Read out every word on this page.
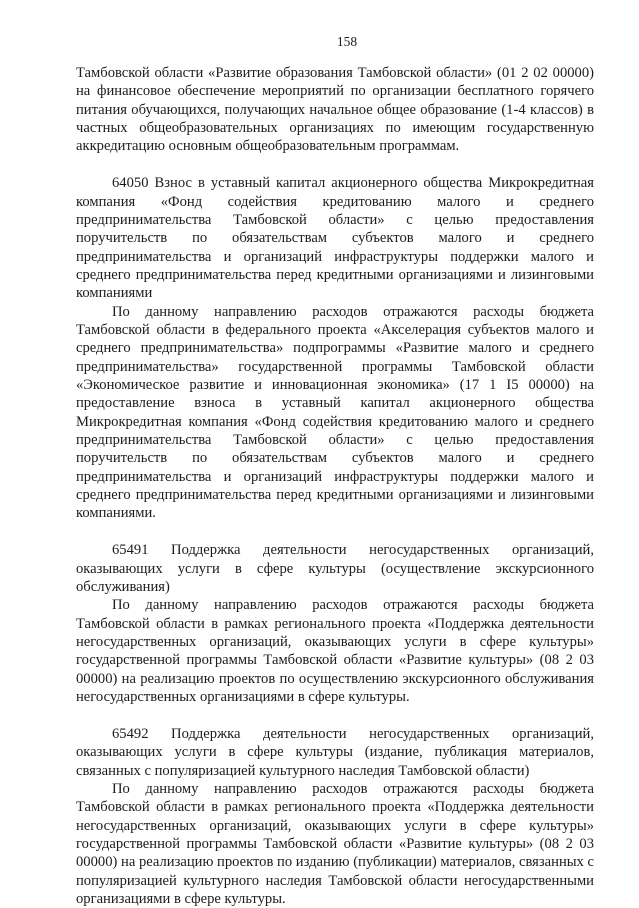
158

Тамбовской области «Развитие образования Тамбовской области» (01 2 02 00000) на финансовое обеспечение мероприятий по организации бесплатного горячего питания обучающихся, получающих начальное общее образование (1-4 классов) в частных общеобразовательных организациях по имеющим государственную аккредитацию основным общеобразовательным программам.

64050 Взнос в уставный капитал акционерного общества Микрокредитная компания «Фонд содействия кредитованию малого и среднего предпринимательства Тамбовской области» с целью предоставления поручительств по обязательствам субъектов малого и среднего предпринимательства и организаций инфраструктуры поддержки малого и среднего предпринимательства перед кредитными организациями и лизинговыми компаниями

По данному направлению расходов отражаются расходы бюджета Тамбовской области в федерального проекта «Акселерация субъектов малого и среднего предпринимательства» подпрограммы «Развитие малого и среднего предпринимательства» государственной программы Тамбовской области «Экономическое развитие и инновационная экономика» (17 1 I5 00000) на предоставление взноса в уставный капитал акционерного общества Микрокредитная компания «Фонд содействия кредитованию малого и среднего предпринимательства Тамбовской области» с целью предоставления поручительств по обязательствам субъектов малого и среднего предпринимательства и организаций инфраструктуры поддержки малого и среднего предпринимательства перед кредитными организациями и лизинговыми компаниями.

65491 Поддержка деятельности негосударственных организаций, оказывающих услуги в сфере культуры (осуществление экскурсионного обслуживания)

По данному направлению расходов отражаются расходы бюджета Тамбовской области в рамках регионального проекта «Поддержка деятельности негосударственных организаций, оказывающих услуги в сфере культуры» государственной программы Тамбовской области «Развитие культуры» (08 2 03 00000) на реализацию проектов по осуществлению экскурсионного обслуживания негосударственных организациями в сфере культуры.

65492 Поддержка деятельности негосударственных организаций, оказывающих услуги в сфере культуры (издание, публикация материалов, связанных с популяризацией культурного наследия Тамбовской области)

По данному направлению расходов отражаются расходы бюджета Тамбовской области в рамках регионального проекта «Поддержка деятельности негосударственных организаций, оказывающих услуги в сфере культуры» государственной программы Тамбовской области «Развитие культуры» (08 2 03 00000) на реализацию проектов по изданию (публикации) материалов, связанных с популяризацией культурного наследия Тамбовской области негосударственными организациями в сфере культуры.
